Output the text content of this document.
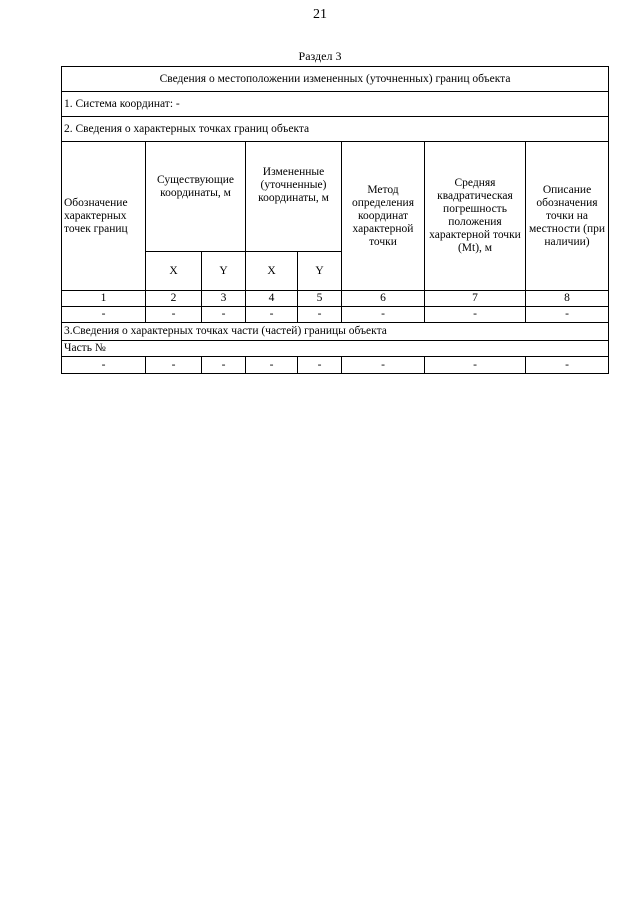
21
Раздел 3
Сведения о местоположении измененных (уточненных) границ объекта							
1. Система координат: -							
2. Сведения о характерных точках границ объекта							
Обозначение характерных точек границ	Существующие координаты, м		Измененные (уточненные) координаты, м		Метод определения координат характерной точки	Средняя квадратическая погрешность положения характерной точки (Mt), м	Описание обозначения точки на местности (при наличии)
	X	Y	X	Y			
1	2	3	4	5	6	7	8
-	-	-	-	-	-	-	-
3.Сведения о характерных точках части (частей) границы объекта							
Часть №							
-	-	-	-	-	-	-	-
